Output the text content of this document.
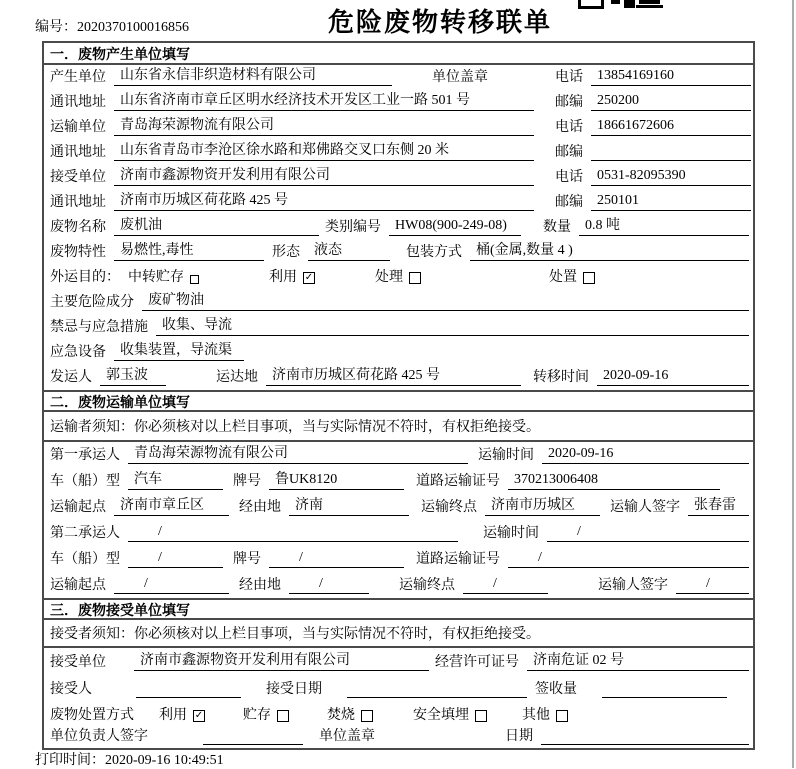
编号：2020370100016856	危险废物转移联单
一．废物产生单位填写
产生单位	山东省永信非织造材料有限公司	单位盖章	电话	13854169160
通讯地址	山东省济南市章丘区明水经济技术开发区工业一路 501 号	邮编	250200
运输单位	青岛海荣源物流有限公司	电话	18661672606
通讯地址	山东省青岛市李沧区徐水路和郑佛路交叉口东侧 20 米	邮编
接受单位	济南市鑫源物资开发利用有限公司	电话	0531-82095390
通讯地址	济南市历城区荷花路 425 号	邮编	250101
废物名称	废机油	类别编号	HW08(900-249-08)	数量	0.8 吨
废物特性	易燃性,毒性	形态	液态	包装方式	桶(金属,数量 4 )
外运目的： 中转贮存	利用 ✓	处理	处置
主要危险成分	废矿物油
禁忌与应急措施	收集、导流
应急设备	收集装置，导流渠
发运人	郭玉波	运达地	济南市历城区荷花路 425 号	转移时间	2020-09-16
二．废物运输单位填写
运输者须知：你必须核对以上栏目事项，当与实际情况不符时，有权拒绝接受。
第一承运人	青岛海荣源物流有限公司	运输时间	2020-09-16
车（船）型	汽车	牌号	鲁UK8120	道路运输证号	370213006408
运输起点	济南市章丘区	经由地	济南	运输终点	济南市历城区	运输人签字	张春雷
第二承运人	/	运输时间	/
车（船）型	/	牌号	/	道路运输证号	/
运输起点	/	经由地	/	运输终点	/	运输人签字	/
三．废物接受单位填写
接受者须知：你必须核对以上栏目事项，当与实际情况不符时，有权拒绝接受。
接受单位	济南市鑫源物资开发利用有限公司	经营许可证号	济南危证 02 号
接受人	接受日期	签收量
废物处置方式 利用 ✓	贮存	焚烧	安全填埋	其他
单位负责人签字	单位盖章	日期
打印时间：2020-09-16 10:49:51
